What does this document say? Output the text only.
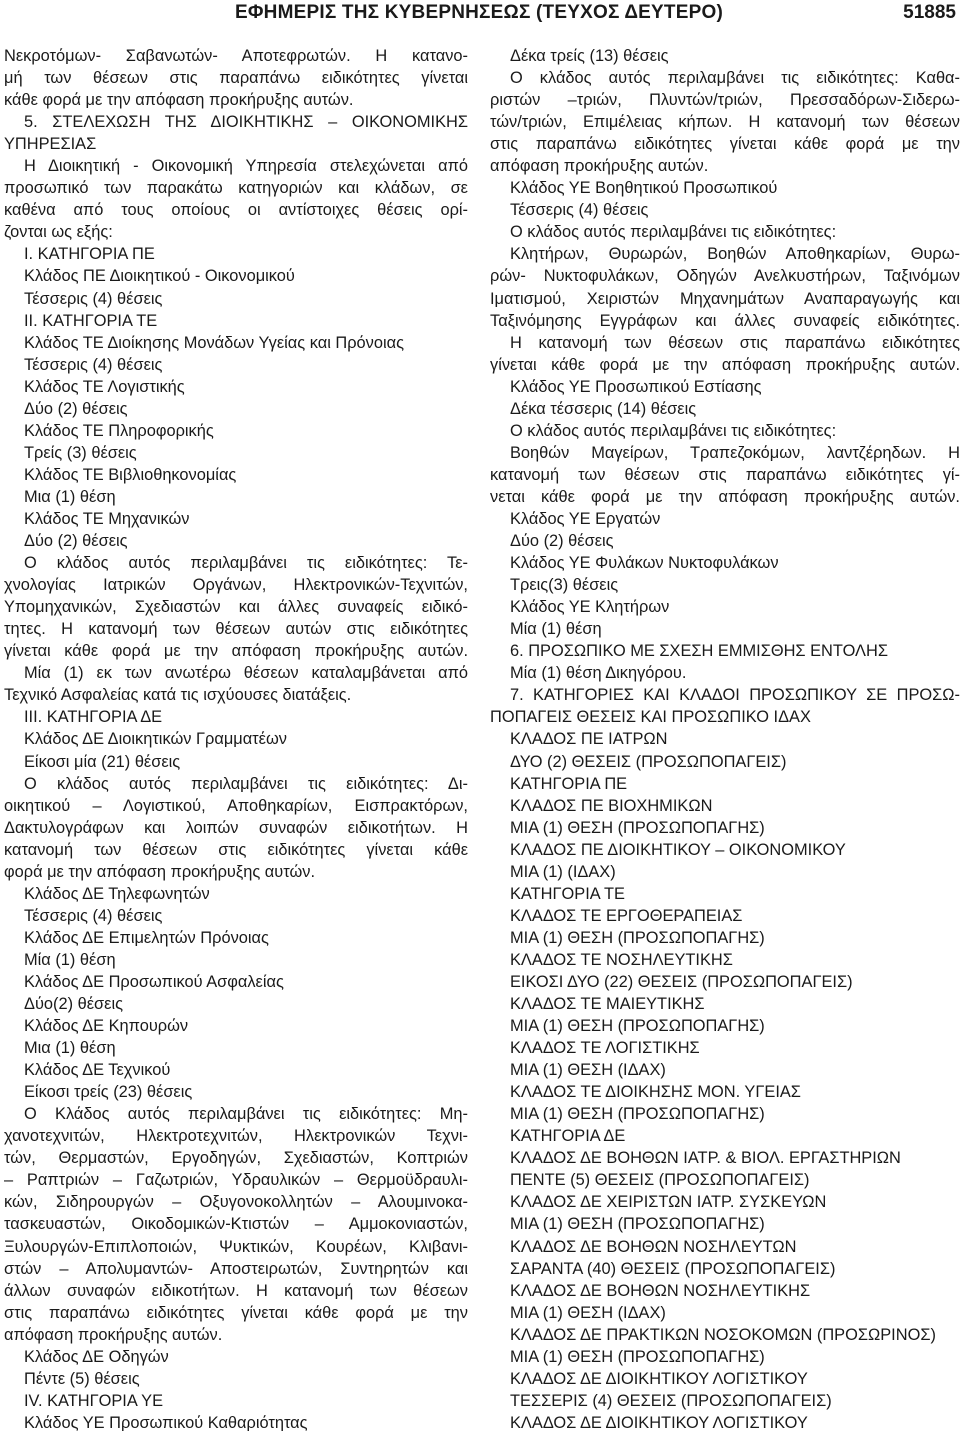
ΕΦΗΜΕΡΙΣ ΤΗΣ ΚΥΒΕΡΝΗΣΕΩΣ (ΤΕΥΧΟΣ ΔΕΥΤΕΡΟ)	51885
Νεκροτόμων- Σαβανωτών- Αποτεφρωτών. Η κατανο-
μή των θέσεων στις παραπάνω ειδικότητες γίνεται
κάθε φορά με την απόφαση προκήρυξης αυτών.
5. ΣΤΕΛΕΧΩΣΗ ΤΗΣ ΔΙΟΙΚΗΤΙΚΗΣ – ΟΙΚΟΝΟΜΙΚΗΣ
ΥΠΗΡΕΣΙΑΣ
Η Διοικητική - Οικονομική Υπηρεσία στελεχώνεται από
προσωπικό των παρακάτω κατηγοριών και κλάδων, σε
καθένα από τους οποίους οι αντίστοιχες θέσεις ορί-
ζονται ως εξής:
Ι. ΚΑΤΗΓΟΡΙΑ ΠΕ
Κλάδος ΠΕ Διοικητικού - Οικονομικού
Τέσσερις (4) θέσεις
ΙΙ. ΚΑΤΗΓΟΡΙΑ ΤΕ
Κλάδος ΤΕ Διοίκησης Μονάδων Υγείας και Πρόνοιας
Τέσσερις (4) θέσεις
Κλάδος ΤΕ Λογιστικής
Δύο (2) θέσεις
Κλάδος ΤΕ Πληροφορικής
Τρείς (3) θέσεις
Κλάδος ΤΕ Βιβλιοθηκονομίας
Μια (1) θέση
Κλάδος ΤΕ Μηχανικών
Δύο (2) θέσεις
Ο κλάδος αυτός περιλαμβάνει τις ειδικότητες: Τε-
χνολογίας Ιατρικών Οργάνων, Ηλεκτρονικών-Τεχνιτών,
Υπομηχανικών, Σχεδιαστών και άλλες συναφείς ειδικό-
τητες. Η κατανομή των θέσεων αυτών στις ειδικότητες
γίνεται κάθε φορά με την απόφαση προκήρυξης αυτών.
Μία (1) εκ των ανωτέρω θέσεων καταλαμβάνεται από
Τεχνικό Ασφαλείας κατά τις ισχύουσες διατάξεις.
ΙΙΙ. ΚΑΤΗΓΟΡΙΑ ΔΕ
Κλάδος ΔΕ Διοικητικών Γραμματέων
Είκοσι μία (21) θέσεις
Ο κλάδος αυτός περιλαμβάνει τις ειδικότητες: Δι-
οικητικού – Λογιστικού, Αποθηκαρίων, Εισπρακτόρων,
Δακτυλογράφων και λοιπών συναφών ειδικοτήτων. Η
κατανομή των θέσεων στις ειδικότητες γίνεται κάθε
φορά με την απόφαση προκήρυξης αυτών.
Κλάδος ΔΕ Τηλεφωνητών
Τέσσερις (4) θέσεις
Κλάδος ΔΕ Επιμελητών Πρόνοιας
Μία (1) θέση
Κλάδος ΔΕ Προσωπικού Ασφαλείας
Δύο(2) θέσεις
Κλάδος ΔΕ Κηπουρών
Μια (1) θέση
Κλάδος ΔΕ Τεχνικού
Είκοσι τρείς (23) θέσεις
Ο Κλάδος αυτός περιλαμβάνει τις ειδικότητες: Μη-
χανοτεχνιτών, Ηλεκτροτεχνιτών, Ηλεκτρονικών Τεχνι-
τών, Θερμαστών, Εργοδηγών, Σχεδιαστών, Κοπτριών
– Ραπτριών – Γαζωτριών, Υδραυλικών – Θερμοϋδραυλι-
κών, Σιδηρουργών – Οξυγονοκολλητών – Αλουμινοκα-
τασκευαστών, Οικοδομικών-Κτιστών – Αμμοκονιαστών,
Ξυλουργών-Επιπλοποιών, Ψυκτικών, Κουρέων, Κλιβανι-
στών – Απολυμαντών- Αποστειρωτών, Συντηρητών και
άλλων συναφών ειδικοτήτων. Η κατανομή των θέσεων
στις παραπάνω ειδικότητες γίνεται κάθε φορά με την
απόφαση προκήρυξης αυτών.
Κλάδος ΔΕ Οδηγών
Πέντε (5) θέσεις
ΙV. ΚΑΤΗΓΟΡΙΑ ΥΕ
Κλάδος ΥΕ Προσωπικού Καθαριότητας
Δέκα τρείς (13) θέσεις
Ο κλάδος αυτός περιλαμβάνει τις ειδικότητες: Καθα-
ριστών –τριών, Πλυντών/τριών, Πρεσσαδόρων-Σιδερω-
τών/τριών, Επιμέλειας κήπων. Η κατανομή των θέσεων
στις παραπάνω ειδικότητες γίνεται κάθε φορά με την
απόφαση προκήρυξης αυτών.
Κλάδος ΥΕ Βοηθητικού Προσωπικού
Τέσσερις (4) θέσεις
Ο κλάδος αυτός περιλαμβάνει τις ειδικότητες:
Κλητήρων, Θυρωρών, Βοηθών Αποθηκαρίων, Θυρω-
ρών- Νυκτοφυλάκων, Οδηγών Ανελκυστήρων, Ταξινόμων
Ιματισμού, Χειριστών Μηχανημάτων Αναπαραγωγής και
Ταξινόμησης Εγγράφων και άλλες συναφείς ειδικότητες.
Η κατανομή των θέσεων στις παραπάνω ειδικότητες
γίνεται κάθε φορά με την απόφαση προκήρυξης αυτών.
Κλάδος ΥΕ Προσωπικού Εστίασης
Δέκα τέσσερις (14) θέσεις
Ο κλάδος αυτός περιλαμβάνει τις ειδικότητες:
Βοηθών Μαγείρων, Τραπεζοκόμων, λαντζέρηδων. Η
κατανομή των θέσεων στις παραπάνω ειδικότητες γί-
νεται κάθε φορά με την απόφαση προκήρυξης αυτών.
Κλάδος ΥΕ Εργατών
Δύο (2) θέσεις
Κλάδος ΥΕ Φυλάκων Νυκτοφυλάκων
Τρεις(3) θέσεις
Κλάδος ΥΕ Κλητήρων
Μία (1) θέση
6. ΠΡΟΣΩΠΙΚΟ ΜΕ ΣΧΕΣΗ ΕΜΜΙΣΘΗΣ ΕΝΤΟΛΗΣ
Μία (1) θέση Δικηγόρου.
7. ΚΑΤΗΓΟΡΙΕΣ ΚΑΙ ΚΛΑΔΟΙ ΠΡΟΣΩΠΙΚΟΥ ΣΕ ΠΡΟΣΩ-
ΠΟΠΑΓΕΙΣ ΘΕΣΕΙΣ ΚΑΙ ΠΡΟΣΩΠΙΚΟ ΙΔΑΧ
ΚΛΑΔΟΣ ΠΕ ΙΑΤΡΩΝ
ΔΥΟ (2) ΘΕΣΕΙΣ (ΠΡΟΣΩΠΟΠΑΓΕΙΣ)
ΚΑΤΗΓΟΡΙΑ ΠΕ
ΚΛΑΔΟΣ ΠΕ ΒΙΟΧΗΜΙΚΩΝ
ΜΙΑ (1) ΘΕΣΗ (ΠΡΟΣΩΠΟΠΑΓΗΣ)
ΚΛΑΔΟΣ ΠΕ ΔΙΟΙΚΗΤΙΚΟΥ – ΟΙΚΟΝΟΜΙΚΟΥ
ΜΙΑ (1) (ΙΔΑΧ)
ΚΑΤΗΓΟΡΙΑ ΤΕ
ΚΛΑΔΟΣ ΤΕ ΕΡΓΟΘΕΡΑΠΕΙΑΣ
ΜΙΑ (1) ΘΕΣΗ (ΠΡΟΣΩΠΟΠΑΓΗΣ)
ΚΛΑΔΟΣ ΤΕ ΝΟΣΗΛΕΥΤΙΚΗΣ
ΕΙΚΟΣΙ ΔΥΟ (22) ΘΕΣΕΙΣ (ΠΡΟΣΩΠΟΠΑΓΕΙΣ)
ΚΛΑΔΟΣ ΤΕ ΜΑΙΕΥΤΙΚΗΣ
ΜΙΑ (1) ΘΕΣΗ (ΠΡΟΣΩΠΟΠΑΓΗΣ)
ΚΛΑΔΟΣ ΤΕ ΛΟΓΙΣΤΙΚΗΣ
ΜΙΑ (1) ΘΕΣΗ (ΙΔΑΧ)
ΚΛΑΔΟΣ ΤΕ ΔΙΟΙΚΗΣΗΣ ΜΟΝ. ΥΓΕΙΑΣ
ΜΙΑ (1) ΘΕΣΗ (ΠΡΟΣΩΠΟΠΑΓΗΣ)
ΚΑΤΗΓΟΡΙΑ ΔΕ
ΚΛΑΔΟΣ ΔΕ ΒΟΗΘΩΝ ΙΑΤΡ. & ΒΙΟΛ. ΕΡΓΑΣΤΗΡΙΩΝ
ΠΕΝΤΕ (5) ΘΕΣΕΙΣ (ΠΡΟΣΩΠΟΠΑΓΕΙΣ)
ΚΛΑΔΟΣ ΔΕ ΧΕΙΡΙΣΤΩΝ ΙΑΤΡ. ΣΥΣΚΕΥΩΝ
ΜΙΑ (1) ΘΕΣΗ (ΠΡΟΣΩΠΟΠΑΓΗΣ)
ΚΛΑΔΟΣ ΔΕ ΒΟΗΘΩΝ ΝΟΣΗΛΕΥΤΩΝ
ΣΑΡΑΝΤΑ (40) ΘΕΣΕΙΣ (ΠΡΟΣΩΠΟΠΑΓΕΙΣ)
ΚΛΑΔΟΣ ΔΕ ΒΟΗΘΩΝ ΝΟΣΗΛΕΥΤΙΚΗΣ
ΜΙΑ (1) ΘΕΣΗ (ΙΔΑΧ)
ΚΛΑΔΟΣ ΔΕ ΠΡΑΚΤΙΚΩΝ ΝΟΣΟΚΟΜΩΝ (ΠΡΟΣΩΡΙΝΟΣ)
ΜΙΑ (1) ΘΕΣΗ (ΠΡΟΣΩΠΟΠΑΓΗΣ)
ΚΛΑΔΟΣ ΔΕ ΔΙΟΙΚΗΤΙΚΟΥ ΛΟΓΙΣΤΙΚΟΥ
ΤΕΣΣΕΡΙΣ (4) ΘΕΣΕΙΣ (ΠΡΟΣΩΠΟΠΑΓΕΙΣ)
ΚΛΑΔΟΣ ΔΕ ΔΙΟΙΚΗΤΙΚΟΥ ΛΟΓΙΣΤΙΚΟΥ
